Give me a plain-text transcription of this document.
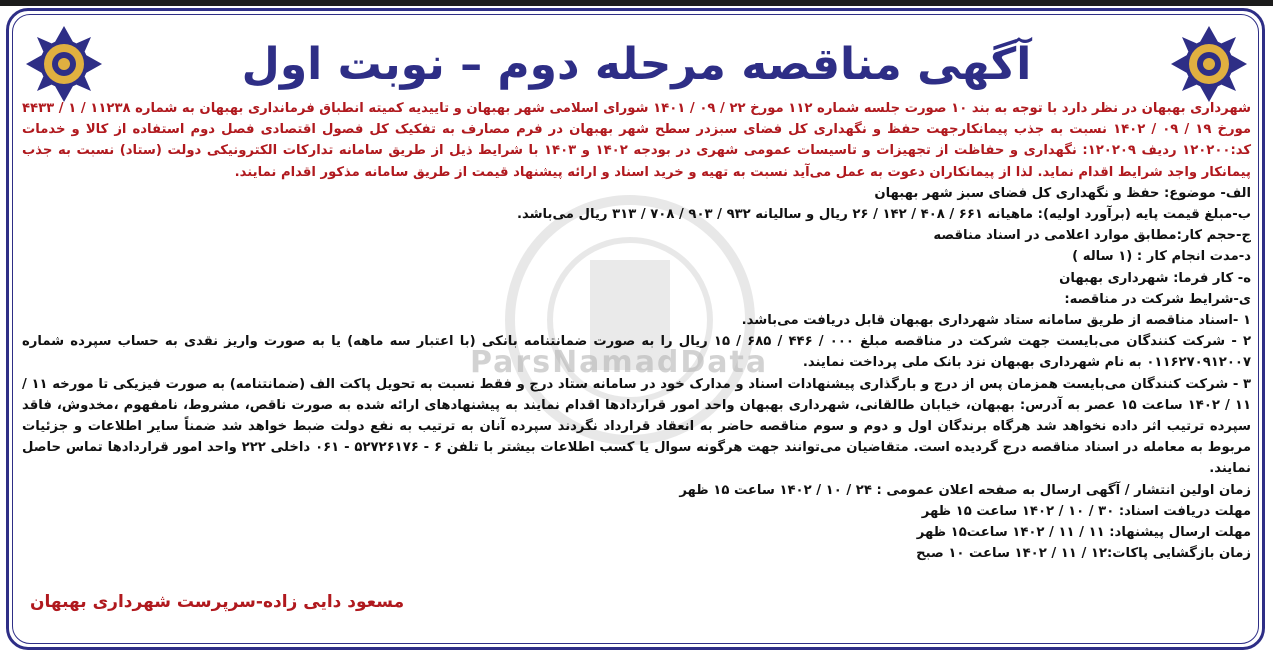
ParsNamadData
آگهی مناقصه مرحله دوم – نوبت اول

شهرداری بهبهان در نظر دارد با توجه به بند ۱۰ صورت جلسه شماره ۱۱۲ مورخ ۲۲ / ۰۹ / ۱۴۰۱ شورای اسلامی شهر بهبهان و تاییدیه کمیته انطباق فرمانداری بهبهان به شماره ۱۱۲۳۸ / ۱ / ۴۴۳۳ مورخ ۱۹ / ۰۹ / ۱۴۰۲ نسبت به جذب پیمانکارجهت حفظ و نگهداری کل فضای سبزدر سطح شهر بهبهان در فرم مصارف به تفکیک کل فصول اقتصادی فصل دوم استفاده از کالا و خدمات کد:۱۲۰۲۰۰ ردیف ۱۲۰۲۰۹: نگهداری و حفاظت از تجهیزات و تاسیسات عمومی شهری در بودجه ۱۴۰۲ و ۱۴۰۳ با شرایط ذیل از طریق سامانه تدارکات الکترونیکی دولت (ستاد) نسبت به جذب پیمانکار واجد شرایط اقدام نماید. لذا از پیمانکاران دعوت به عمل می‌آید نسبت به تهیه و خرید اسناد و ارائه پیشنهاد قیمت از طریق سامانه مذکور اقدام نمایند.

الف- موضوع: حفظ و نگهداری کل فضای سبز شهر بهبهان

ب-مبلغ قیمت پایه (برآورد اولیه): ماهیانه ۶۶۱ / ۴۰۸ / ۱۴۲ / ۲۶ ریال و سالیانه ۹۳۲ / ۹۰۳ / ۷۰۸ / ۳۱۳ ریال می‌باشد.

ج-حجم کار:مطابق موارد اعلامی در اسناد مناقصه

د-مدت انجام کار : (۱ ساله )

ه- کار فرما: شهرداری بهبهان

ی-شرایط شرکت در مناقصه:

۱ -اسناد مناقصه از طریق سامانه ستاد شهرداری بهبهان قابل دریافت می‌باشد.

۲ - شرکت کنندگان می‌بایست جهت شرکت در مناقصه مبلغ ۰۰۰ / ۴۴۶ / ۶۸۵ / ۱۵ ریال را به صورت ضمانتنامه بانکی (با اعتبار سه ماهه) یا به صورت واریز نقدی به حساب سپرده شماره ۰۱۱۶۲۷۰۹۱۲۰۰۷ به نام شهرداری بهبهان نزد بانک ملی پرداخت نمایند.

۳ - شرکت کنندگان می‌بایست همزمان پس از درج و بارگذاری پیشنهادات اسناد و مدارک خود در سامانه ستاد درج و فقط نسبت به تحویل پاکت الف (ضمانتنامه) به صورت فیزیکی تا مورخه ۱۱ / ۱۱ / ۱۴۰۲ ساعت ۱۵ عصر به آدرس: بهبهان، خیابان طالقانی، شهرداری بهبهان واحد امور قراردادها اقدام نمایند به پیشنهادهای ارائه شده به صورت ناقص، مشروط، نامفهوم ،مخدوش، فاقد سپرده ترتیب اثر داده نخواهد شد هرگاه برندگان اول و دوم و سوم مناقصه حاضر به انعقاد قرارداد نگردند سپرده آنان به ترتیب به نفع دولت ضبط خواهد شد ضمناً سایر اطلاعات و جزئیات مربوط به معامله در اسناد مناقصه درج گردیده است. متقاضیان می‌توانند جهت هرگونه سوال یا کسب اطلاعات بیشتر با تلفن ۶ - ۵۲۷۲۶۱۷۶ - ۰۶۱ داخلی ۲۲۲ واحد امور قراردادها تماس حاصل نمایند.

زمان اولین انتشار / آگهی ارسال به صفحه اعلان عمومی : ۲۴ / ۱۰ / ۱۴۰۲ ساعت ۱۵ ظهر

مهلت دریافت اسناد: ۳۰ / ۱۰ / ۱۴۰۲ ساعت ۱۵ ظهر

مهلت ارسال پیشنهاد: ۱۱ / ۱۱ / ۱۴۰۲ ساعت۱۵ ظهر

زمان بازگشایی پاکات:۱۲ / ۱۱ / ۱۴۰۲ ساعت ۱۰ صبح

مسعود دایی زاده-سرپرست شهرداری بهبهان
